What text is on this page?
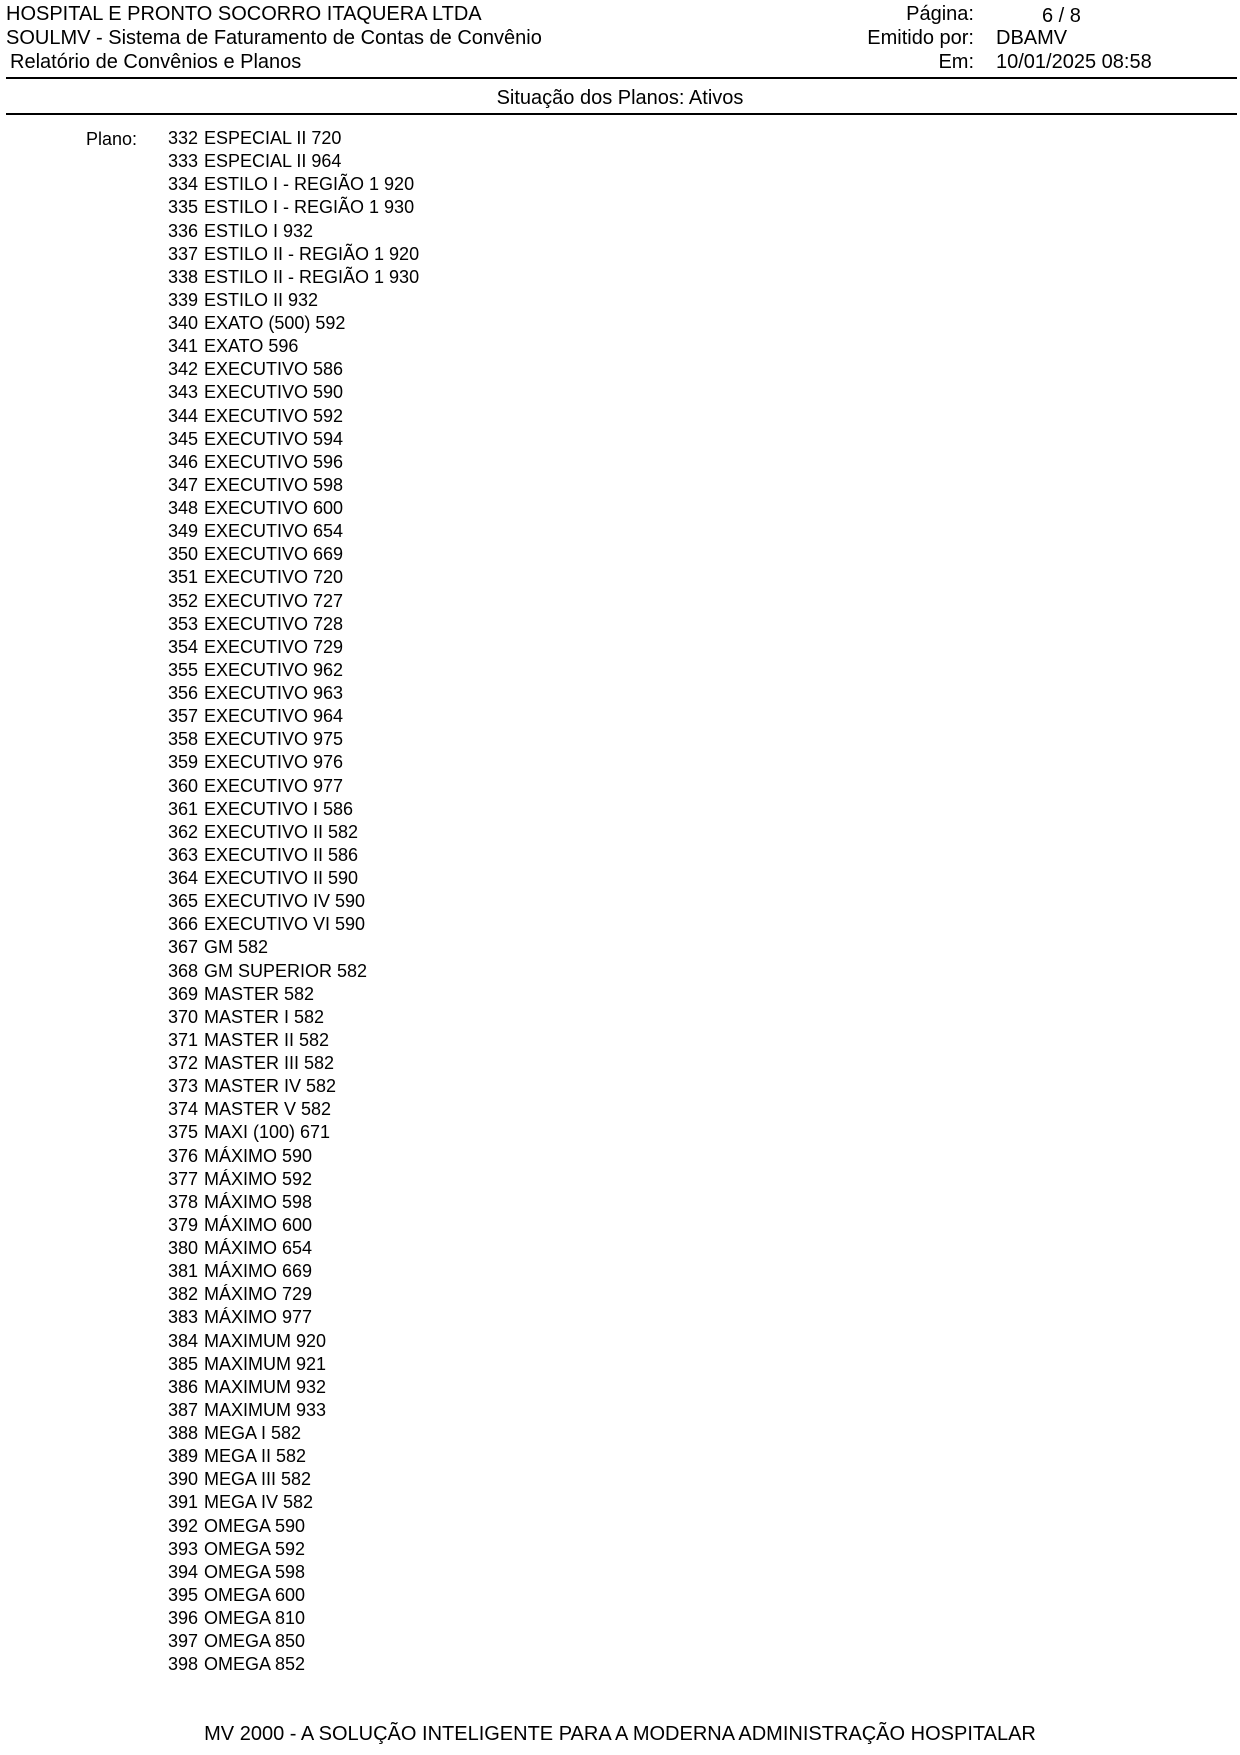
HOSPITAL E PRONTO SOCORRO ITAQUERA LTDA
SOULMV - Sistema de Faturamento de Contas de Convênio
Relatório de Convênios e Planos
Página:	6 / 8
Emitido por: DBAMV
Em: 10/01/2025 08:58
Situação dos Planos: Ativos
Plano: 332 ESPECIAL II 720
333 ESPECIAL II 964
334 ESTILO I - REGIÃO 1 920
335 ESTILO I - REGIÃO 1 930
336 ESTILO I 932
337 ESTILO II - REGIÃO 1 920
338 ESTILO II - REGIÃO 1 930
339 ESTILO II 932
340 EXATO (500) 592
341 EXATO 596
342 EXECUTIVO 586
343 EXECUTIVO 590
344 EXECUTIVO 592
345 EXECUTIVO 594
346 EXECUTIVO 596
347 EXECUTIVO 598
348 EXECUTIVO 600
349 EXECUTIVO 654
350 EXECUTIVO 669
351 EXECUTIVO 720
352 EXECUTIVO 727
353 EXECUTIVO 728
354 EXECUTIVO 729
355 EXECUTIVO 962
356 EXECUTIVO 963
357 EXECUTIVO 964
358 EXECUTIVO 975
359 EXECUTIVO 976
360 EXECUTIVO 977
361 EXECUTIVO I 586
362 EXECUTIVO II 582
363 EXECUTIVO II 586
364 EXECUTIVO II 590
365 EXECUTIVO IV 590
366 EXECUTIVO VI 590
367 GM 582
368 GM SUPERIOR 582
369 MASTER 582
370 MASTER I 582
371 MASTER II 582
372 MASTER III 582
373 MASTER IV 582
374 MASTER V 582
375 MAXI (100) 671
376 MÁXIMO 590
377 MÁXIMO 592
378 MÁXIMO 598
379 MÁXIMO 600
380 MÁXIMO 654
381 MÁXIMO 669
382 MÁXIMO 729
383 MÁXIMO 977
384 MAXIMUM 920
385 MAXIMUM 921
386 MAXIMUM 932
387 MAXIMUM 933
388 MEGA I 582
389 MEGA II 582
390 MEGA III 582
391 MEGA IV 582
392 OMEGA 590
393 OMEGA 592
394 OMEGA 598
395 OMEGA 600
396 OMEGA 810
397 OMEGA 850
398 OMEGA 852
MV 2000 - A SOLUÇÃO INTELIGENTE PARA A MODERNA ADMINISTRAÇÃO HOSPITALAR
